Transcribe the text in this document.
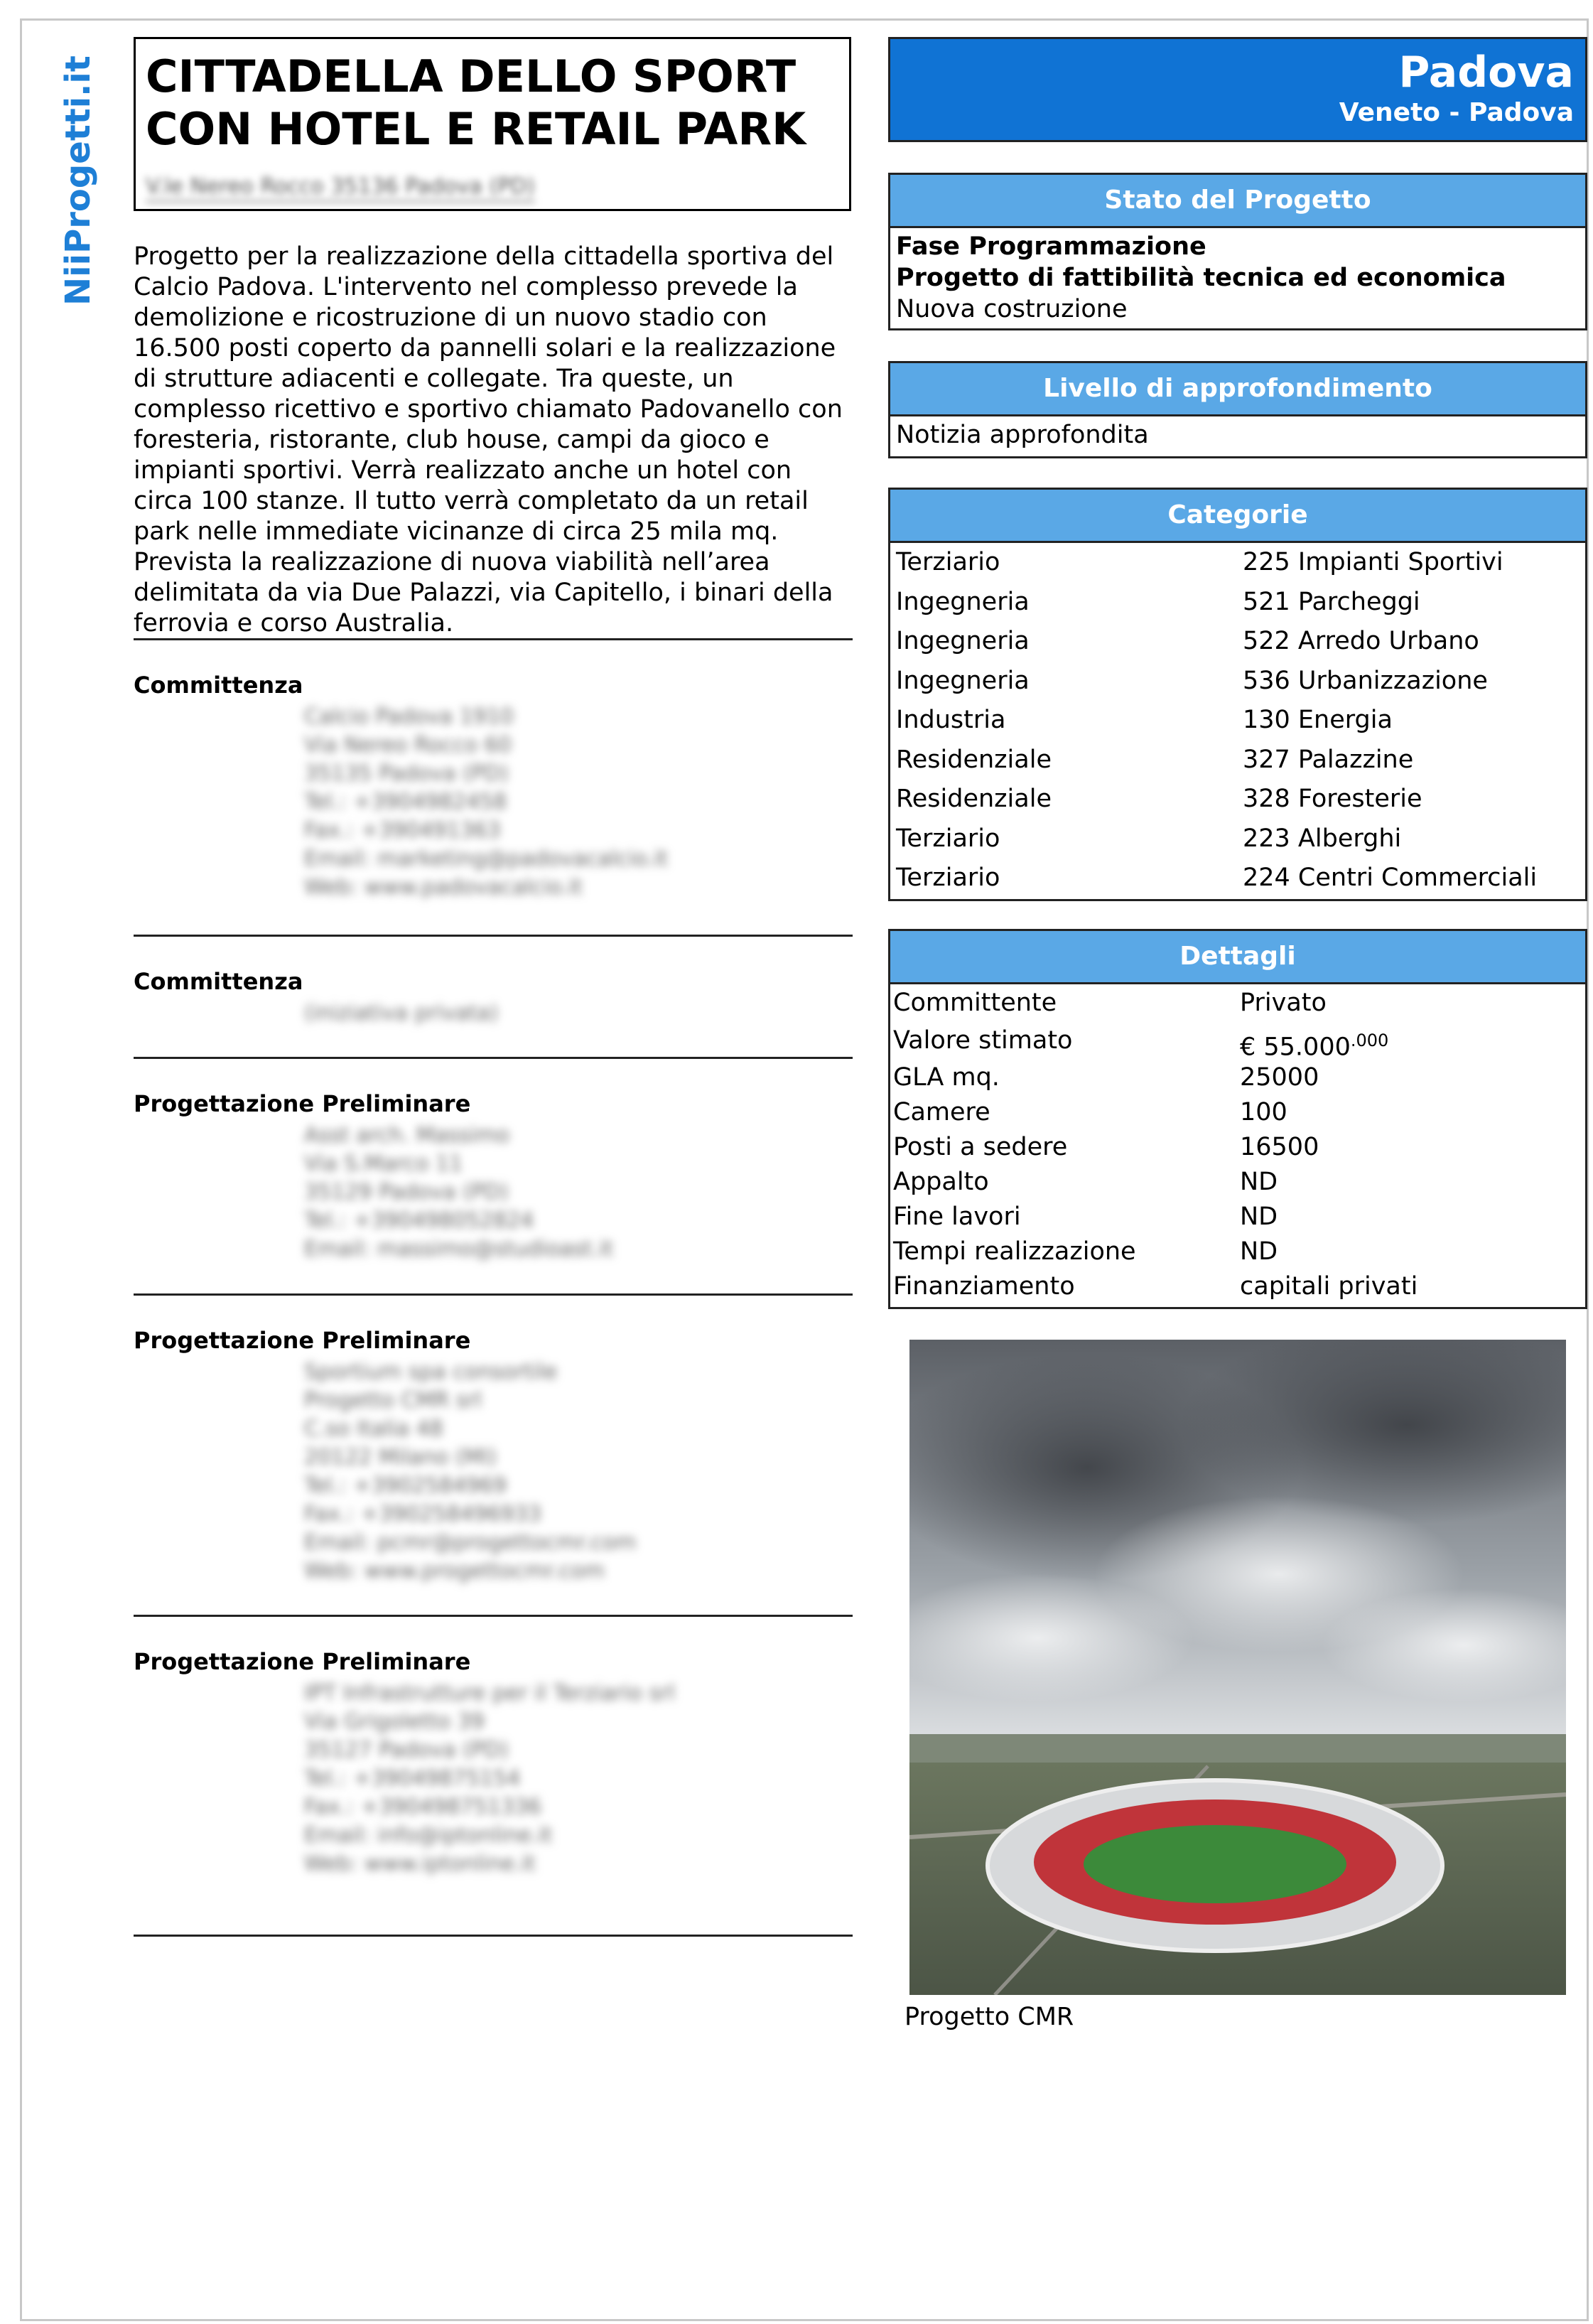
NiiProgetti.it CITTADELLA DELLO SPORT
CON HOTEL E RETAIL PARK

V.le Nereo Rocco 35136 Padova (PD)
Progetto per la realizzazione della cittadella sportiva del Calcio Padova. L'intervento nel complesso prevede la demolizione e ricostruzione di un nuovo stadio con 16.500 posti coperto da pannelli solari e la realizzazione di strutture adiacenti e collegate. Tra queste, un complesso ricettivo e sportivo chiamato Padovanello con foresteria, ristorante, club house, campi da gioco e impianti sportivi. Verrà realizzato anche un hotel con circa 100 stanze. Il tutto verrà completato da un retail park nelle immediate vicinanze di circa 25 mila mq. Prevista la realizzazione di nuova viabilità nell’area delimitata da via Due Palazzi, via Capitello, i binari della ferrovia e corso Australia.
Committenza
Calcio Padova 1910
Via Nereo Rocco 60
35135 Padova (PD)
Tel.: +3904982458
Fax.: +390491363
Email: marketing@padovacalcio.it
Web: www.padovacalcio.it
Committenza
(iniziativa privata)
Progettazione Preliminare
Asst arch. Massimo
Via S.Marco 11
35129 Padova (PD)
Tel.: +390498052824
Email: massimo@studioast.it
Progettazione Preliminare
Sportium spa consortile
Progetto CMR srl
C.so Italia 48
20122 Milano (MI)
Tel.: +3902584969
Fax.: +390258496933
Email: pcmr@progettocmr.com
Web: www.progettocmr.com
Progettazione Preliminare
IPT Infrastrutture per il Terziario srl
Via Grigoletto 39
35127 Padova (PD)
Tel.: +39049875154
Fax.: +390498751336
Email: info@iptonline.it
Web: www.iptonline.it
Padova
Veneto - Padova
Stato del Progetto
Fase Programmazione
Progetto di fattibilità tecnica ed economica
Nuova costruzione
Livello di approfondimento
Notizia approfondita
Categorie
Terziario	225 Impianti Sportivi
Ingegneria	521 Parcheggi
Ingegneria	522 Arredo Urbano
Ingegneria	536 Urbanizzazione
Industria	130 Energia
Residenziale	327 Palazzine
Residenziale	328 Foresterie
Terziario	223 Alberghi
Terziario	224 Centri Commerciali
Dettagli
Committente	Privato
Valore stimato	€ $55.000^{.000}$
GLA mq.	25000
Camere	100
Posti a sedere	16500
Appalto	ND
Fine lavori	ND
Tempi realizzazione	ND
Finanziamento	capitali privati
Progetto CMR
